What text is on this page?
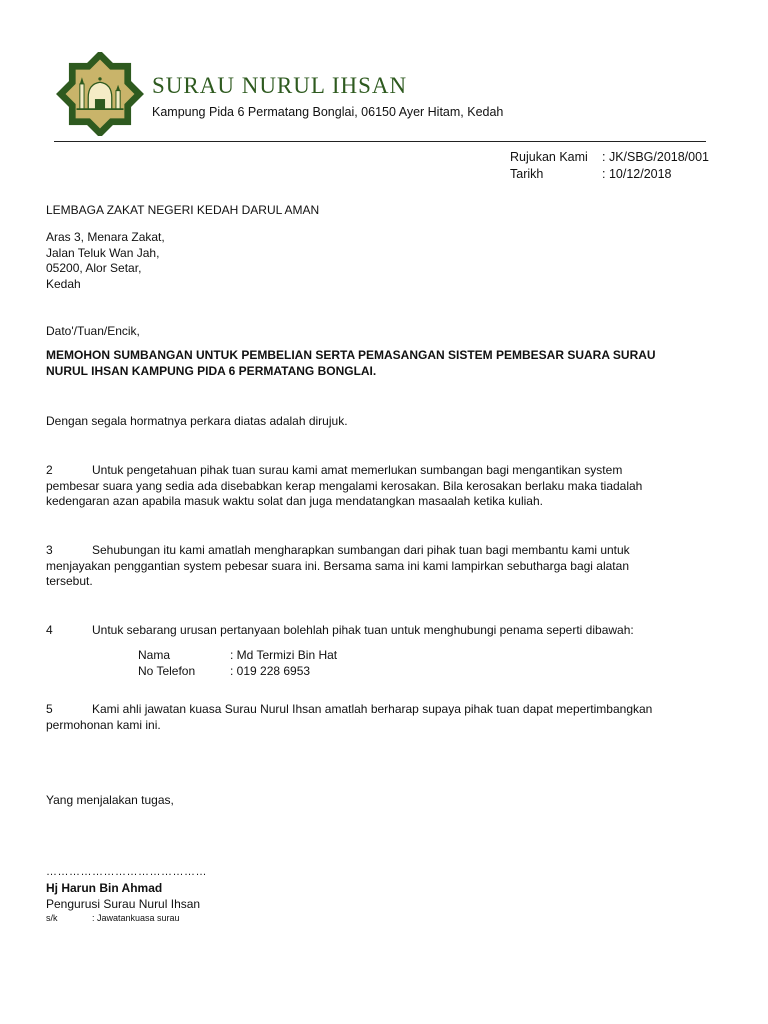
SURAU NURUL IHSAN
Kampung Pida 6 Permatang Bonglai, 06150 Ayer Hitam, Kedah
Rujukan Kami : JK/SBG/2018/001
Tarikh	: 10/12/2018
LEMBAGA ZAKAT NEGERI KEDAH DARUL AMAN
Aras 3, Menara Zakat,
Jalan Teluk Wan Jah,
05200, Alor Setar,
Kedah
Dato'/Tuan/Encik,
MEMOHON SUMBANGAN UNTUK PEMBELIAN SERTA PEMASANGAN SISTEM PEMBESAR SUARA SURAU
NURUL IHSAN KAMPUNG PIDA 6 PERMATANG BONGLAI.
Dengan segala hormatnya perkara diatas adalah dirujuk.
2	Untuk pengetahuan pihak tuan surau kami amat memerlukan sumbangan bagi mengantikan system
pembesar suara yang sedia ada disebabkan kerap mengalami kerosakan. Bila kerosakan berlaku maka tiadalah
kedengaran azan apabila masuk waktu solat dan juga mendatangkan masaalah ketika kuliah.
3	Sehubungan itu kami amatlah mengharapkan sumbangan dari pihak tuan bagi membantu kami untuk
menjayakan penggantian system pebesar suara ini. Bersama sama ini kami lampirkan sebutharga bagi alatan
tersebut.
4	Untuk sebarang urusan pertanyaan bolehlah pihak tuan untuk menghubungi penama seperti dibawah:
Nama	: Md Termizi Bin Hat
No Telefon	: 019 228 6953
5	Kami ahli jawatan kuasa Surau Nurul Ihsan amatlah berharap supaya pihak tuan dapat mepertimbangkan
permohonan kami ini.
Yang menjalakan tugas,
……………………………………
Hj Harun Bin Ahmad
Pengurusi Surau Nurul Ihsan
s/k	: Jawatankuasa surau
